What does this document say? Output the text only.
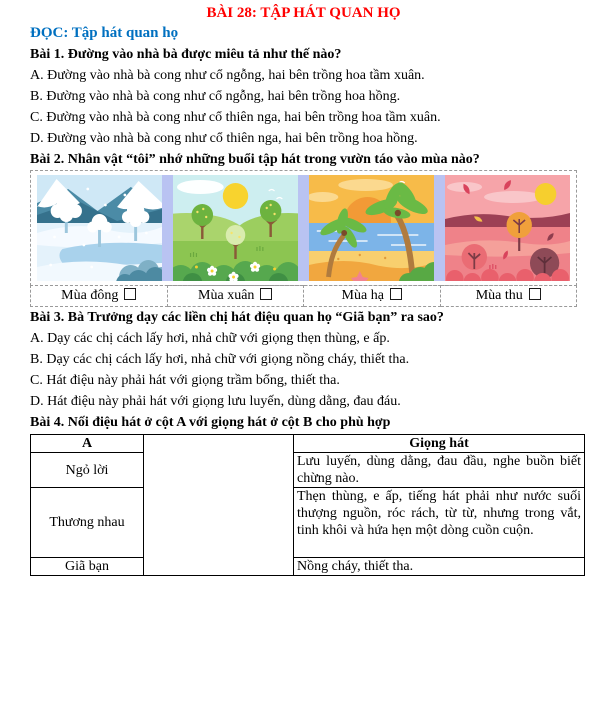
BÀI 28: TẬP HÁT QUAN HỌ
ĐỌC: Tập hát quan họ
Bài 1. Đường vào nhà bà được miêu tả như thế nào?
A. Đường vào nhà bà cong như cổ ngỗng, hai bên trồng hoa tầm xuân.
B. Đường vào nhà bà cong như cổ ngỗng, hai bên trồng hoa hồng.
C. Đường vào nhà bà cong như cổ thiên nga, hai bên trồng hoa tầm xuân.
D. Đường vào nhà bà cong như cổ thiên nga, hai bên trồng hoa hồng.
Bài 2. Nhân vật “tôi” nhớ những buổi tập hát trong vườn táo vào mùa nào?
Mùa đông	Mùa xuân	Mùa hạ	Mùa thu
Bài 3. Bà Trưởng dạy các liền chị hát điệu quan họ “Giã bạn” ra sao?
A. Dạy các chị cách lấy hơi, nhả chữ với giọng thẹn thùng, e ấp.
B. Dạy các chị cách lấy hơi, nhả chữ với giọng nồng cháy, thiết tha.
C. Hát điệu này phải hát với giọng trầm bổng, thiết tha.
D. Hát điệu này phải hát với giọng lưu luyến, dùng dằng, đau đáu.
Bài 4. Nối điệu hát ở cột A với giọng hát ở cột B cho phù hợp
A		Giọng hát
Ngỏ lời		Lưu luyến, dùng dằng, đau đầu, nghe buồn biết chừng nào.
Thương nhau		Thẹn thùng, e ấp, tiếng hát phải như nước suối thượng nguồn, róc rách, từ từ, nhưng trong vắt, tinh khôi và hứa hẹn một dòng cuồn cuộn.
Giã bạn		Nồng cháy, thiết tha.
